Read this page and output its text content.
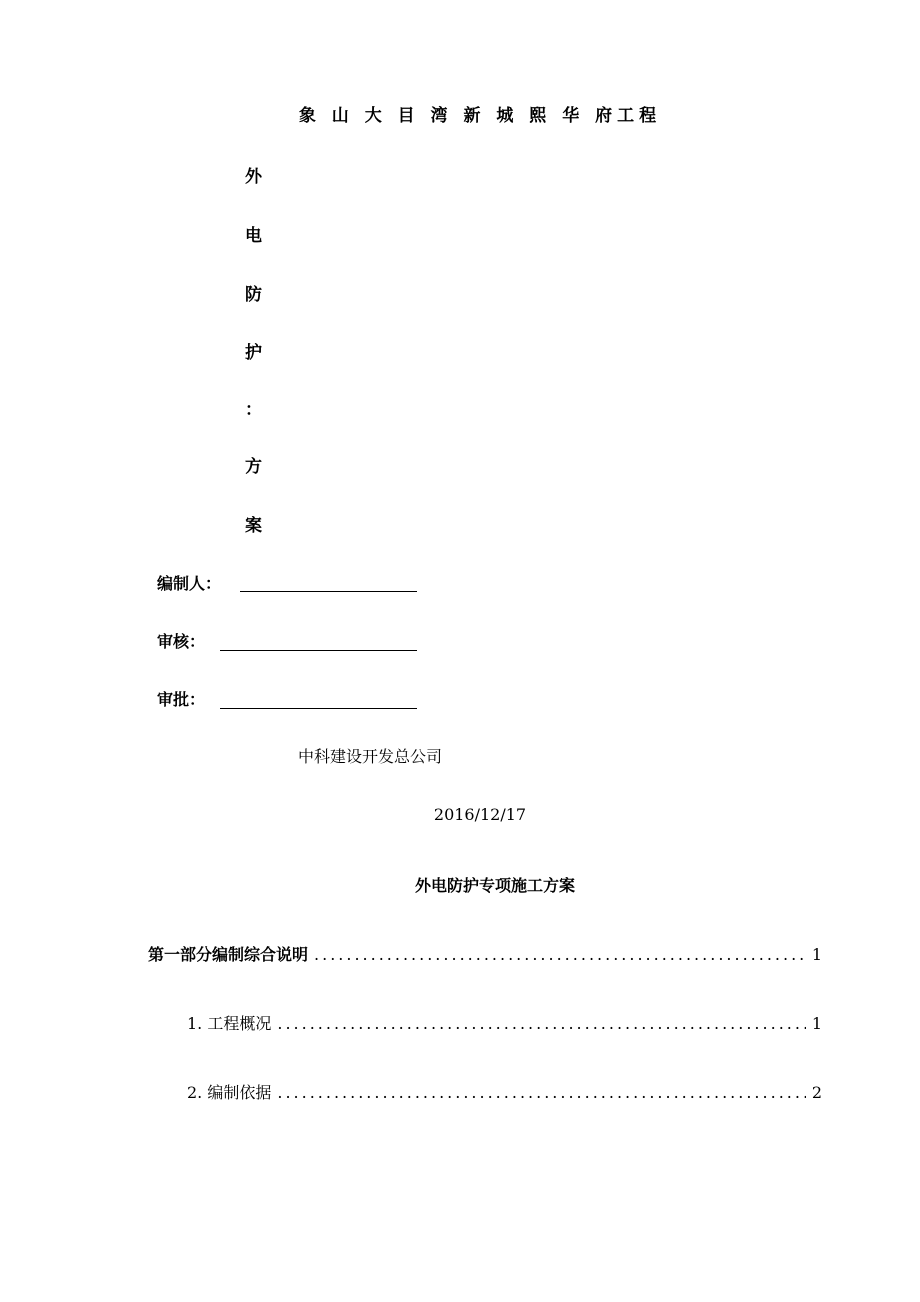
象 山 大 目 湾 新 城 熙 华 府工程
外
电
防
护
：
方
案
编制人：
审核：
审批：
中科建设开发总公司
2016/12/17
外电防护专项施工方案
第一部分编制综合说明 .....	1
1. 工程概况 .....	1
2. 编制依据 .....	2
